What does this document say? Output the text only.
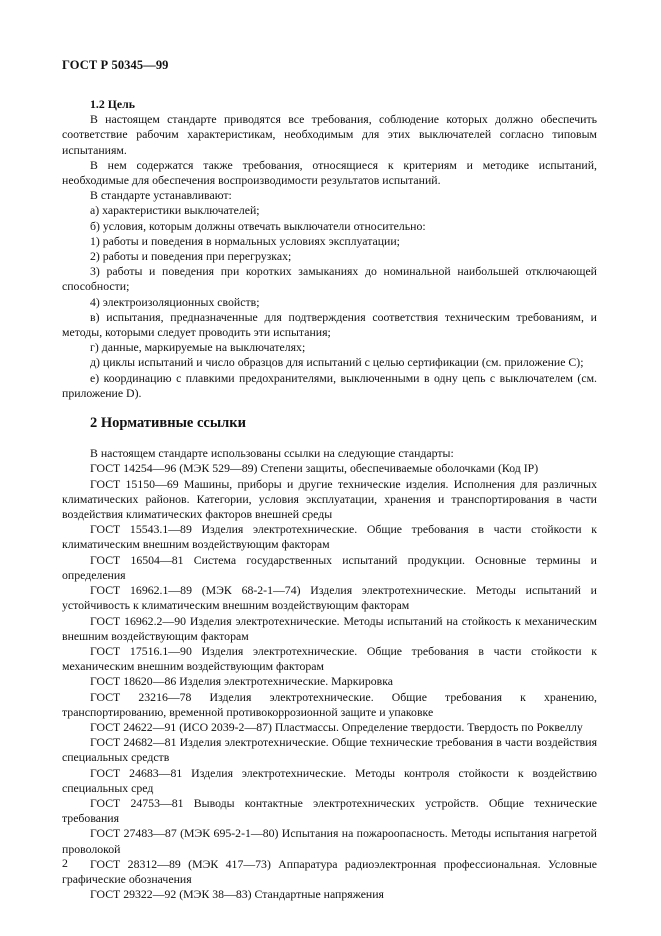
ГОСТ Р 50345—99

1.2 Цель

В настоящем стандарте приводятся все требования, соблюдение которых должно обеспечить соответствие рабочим характеристикам, необходимым для этих выключателей согласно типовым испытаниям.

В нем содержатся также требования, относящиеся к критериям и методике испытаний, необходимые для обеспечения воспроизводимости результатов испытаний.

В стандарте устанавливают:

а) характеристики выключателей;

б) условия, которым должны отвечать выключатели относительно:

1) работы и поведения в нормальных условиях эксплуатации;

2) работы и поведения при перегрузках;

3) работы и поведения при коротких замыканиях до номинальной наибольшей отключающей способности;

4) электроизоляционных свойств;

в) испытания, предназначенные для подтверждения соответствия техническим требованиям, и методы, которыми следует проводить эти испытания;

г) данные, маркируемые на выключателях;

д) циклы испытаний и число образцов для испытаний с целью сертификации (см. приложение С);

е) координацию с плавкими предохранителями, выключенными в одну цепь с выключателем (см. приложение D).

2 Нормативные ссылки

В настоящем стандарте использованы ссылки на следующие стандарты:

ГОСТ 14254—96 (МЭК 529—89) Степени защиты, обеспечиваемые оболочками (Код IP)

ГОСТ 15150—69 Машины, приборы и другие технические изделия. Исполнения для различных климатических районов. Категории, условия эксплуатации, хранения и транспортирования в части воздействия климатических факторов внешней среды

ГОСТ 15543.1—89 Изделия электротехнические. Общие требования в части стойкости к климатическим внешним воздействующим факторам

ГОСТ 16504—81 Система государственных испытаний продукции. Основные термины и определения

ГОСТ 16962.1—89 (МЭК 68-2-1—74) Изделия электротехнические. Методы испытаний и устойчивость к климатическим внешним воздействующим факторам

ГОСТ 16962.2—90 Изделия электротехнические. Методы испытаний на стойкость к механическим внешним воздействующим факторам

ГОСТ 17516.1—90 Изделия электротехнические. Общие требования в части стойкости к механическим внешним воздействующим факторам

ГОСТ 18620—86 Изделия электротехнические. Маркировка

ГОСТ 23216—78 Изделия электротехнические. Общие требования к хранению, транспортированию, временной противокоррозионной защите и упаковке

ГОСТ 24622—91 (ИСО 2039-2—87) Пластмассы. Определение твердости. Твердость по Роквеллу

ГОСТ 24682—81 Изделия электротехнические. Общие технические требования в части воздействия специальных средств

ГОСТ 24683—81 Изделия электротехнические. Методы контроля стойкости к воздействию специальных сред

ГОСТ 24753—81 Выводы контактные электротехнических устройств. Общие технические требования

ГОСТ 27483—87 (МЭК 695-2-1—80) Испытания на пожароопасность. Методы испытания нагретой проволокой

ГОСТ 28312—89 (МЭК 417—73) Аппаратура радиоэлектронная профессиональная. Условные графические обозначения

ГОСТ 29322—92 (МЭК 38—83) Стандартные напряжения

2
